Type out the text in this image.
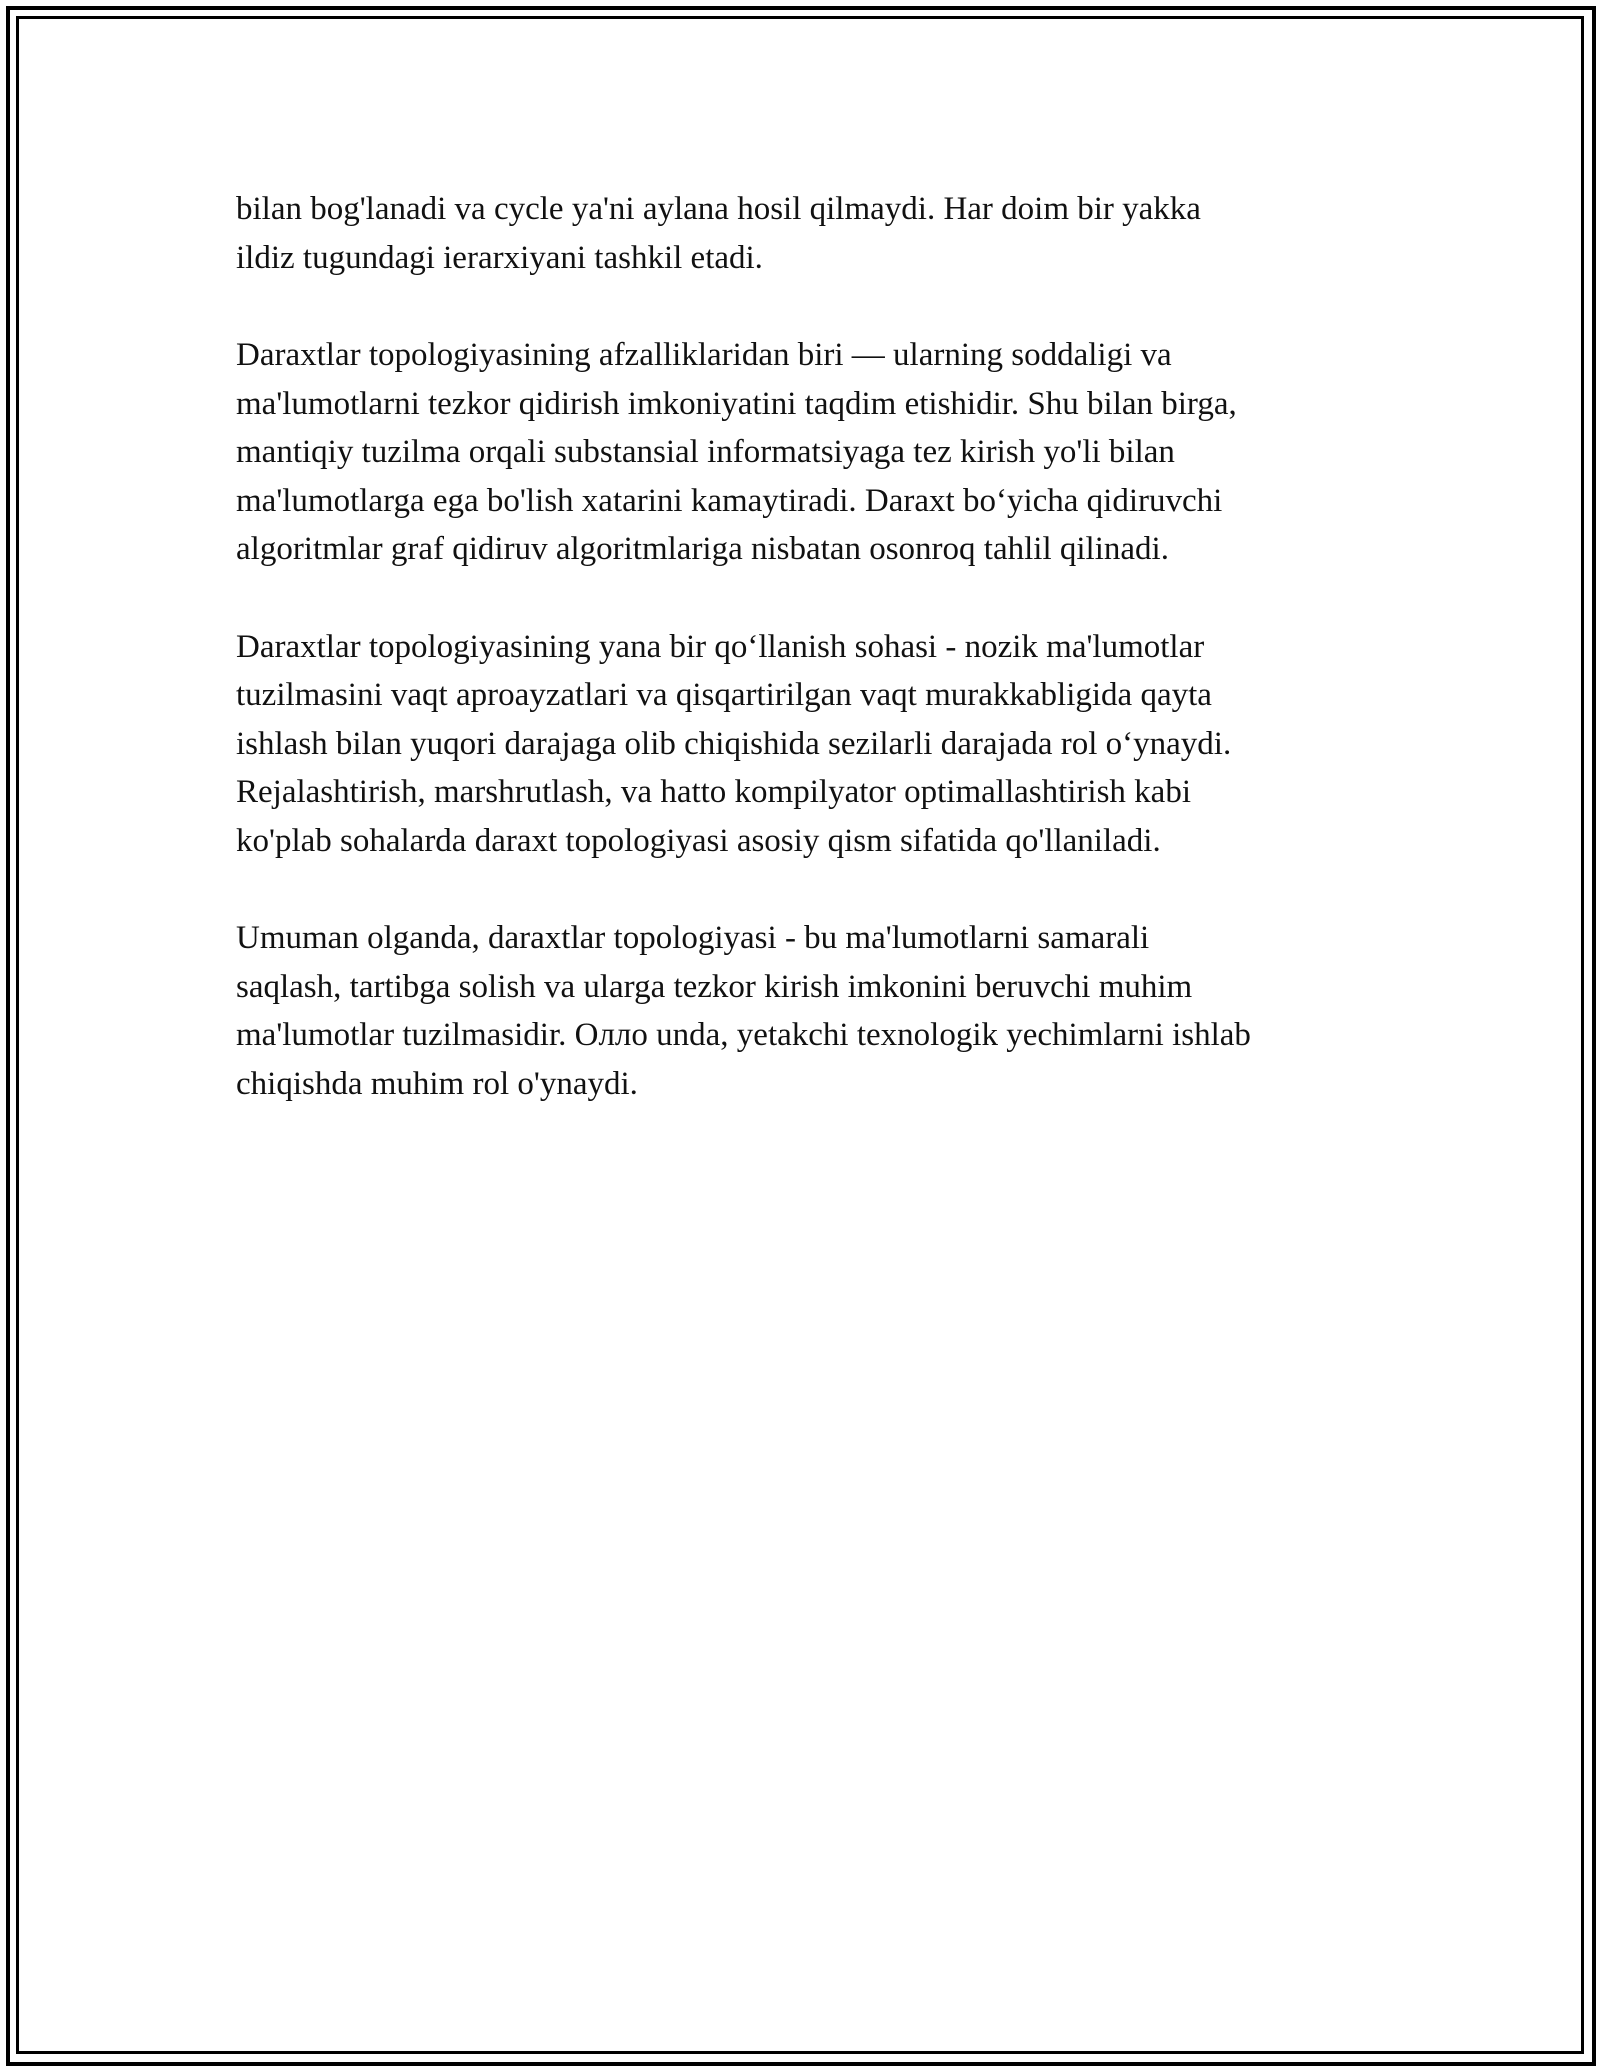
bilan bog'lanadi va cycle ya'ni aylana hosil qilmaydi. Har doim bir yakka
ildiz tugundagi ierarxiyani tashkil etadi.

Daraxtlar topologiyasining afzalliklaridan biri — ularning soddaligi va
ma'lumotlarni tezkor qidirish imkoniyatini taqdim etishidir. Shu bilan birga,
mantiqiy tuzilma orqali substansial informatsiyaga tez kirish yo'li bilan
ma'lumotlarga ega bo'lish xatarini kamaytiradi. Daraxt bo‘yicha qidiruvchi
algoritmlar graf qidiruv algoritmlariga nisbatan osonroq tahlil qilinadi.

Daraxtlar topologiyasining yana bir qo‘llanish sohasi - nozik ma'lumotlar
tuzilmasini vaqt aproayzatlari va qisqartirilgan vaqt murakkabligida qayta
ishlash bilan yuqori darajaga olib chiqishida sezilarli darajada rol o‘ynaydi.
Rejalashtirish, marshrutlash, va hatto kompilyator optimallashtirish kabi
ko'plab sohalarda daraxt topologiyasi asosiy qism sifatida qo'llaniladi.

Umuman olganda, daraxtlar topologiyasi - bu ma'lumotlarni samarali
saqlash, tartibga solish va ularga tezkor kirish imkonini beruvchi muhim
ma'lumotlar tuzilmasidir. Олло unda, yetakchi texnologik yechimlarni ishlab
chiqishda muhim rol o'ynaydi.
